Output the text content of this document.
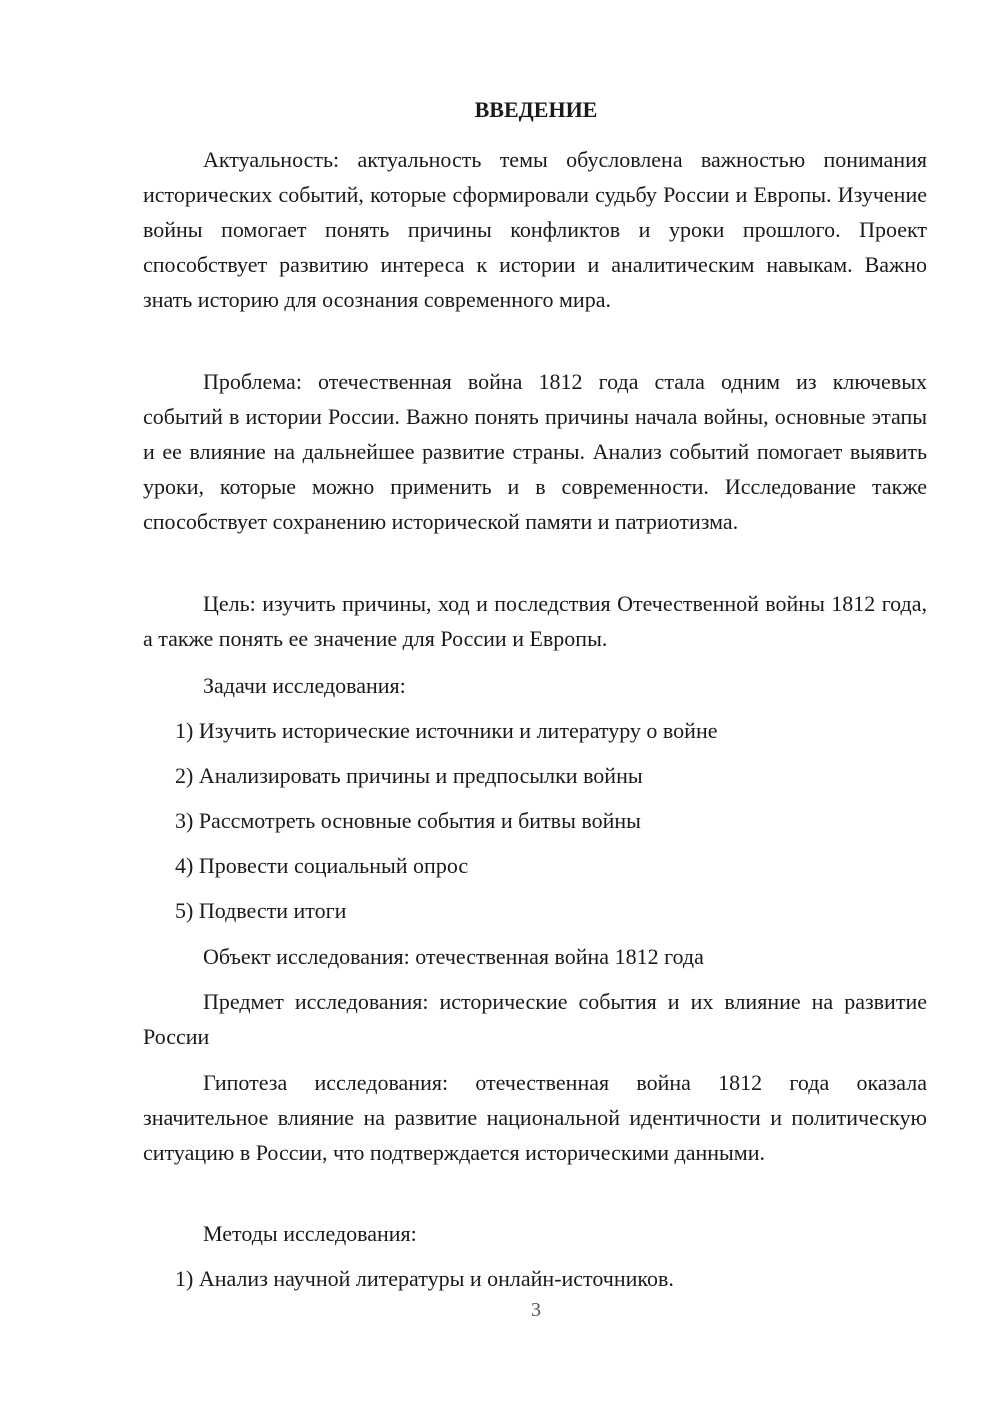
ВВЕДЕНИЕ

Актуальность: актуальность темы обусловлена важностью понимания исторических событий, которые сформировали судьбу России и Европы. Изучение войны помогает понять причины конфликтов и уроки прошлого. Проект способствует развитию интереса к истории и аналитическим навыкам. Важно знать историю для осознания современного мира.

Проблема: отечественная война 1812 года стала одним из ключевых событий в истории России. Важно понять причины начала войны, основные этапы и ее влияние на дальнейшее развитие страны. Анализ событий помогает выявить уроки, которые можно применить и в современности. Исследование также способствует сохранению исторической памяти и патриотизма.

Цель: изучить причины, ход и последствия Отечественной войны 1812 года, а также понять ее значение для России и Европы.

Задачи исследования:

1) Изучить исторические источники и литературу о войне

2) Анализировать причины и предпосылки войны

3) Рассмотреть основные события и битвы войны

4) Провести социальный опрос

5) Подвести итоги

Объект исследования: отечественная война 1812 года

Предмет исследования: исторические события и их влияние на развитие России

Гипотеза исследования: отечественная война 1812 года оказала значительное влияние на развитие национальной идентичности и политическую ситуацию в России, что подтверждается историческими данными.

Методы исследования:

1) Анализ научной литературы и онлайн-источников.

3
